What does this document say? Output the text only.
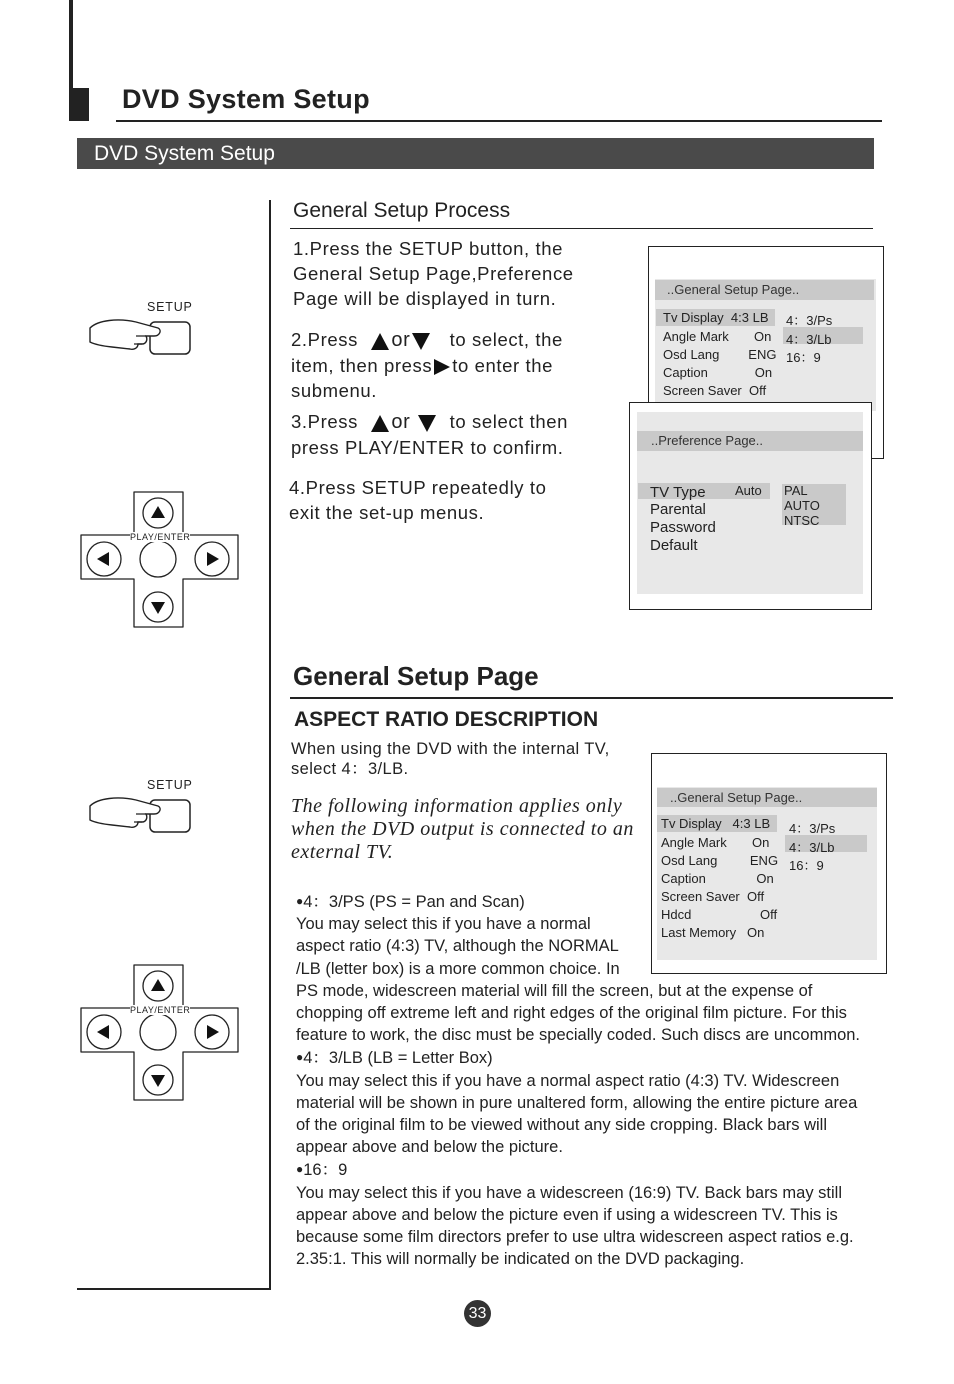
DVD System Setup
DVD System Setup
SETUP
PLAY/ENTER
SETUP
PLAY/ENTER
General Setup Process
1.Press the SETUP button, the
General Setup Page,Preference
Page will be displayed in turn.
2.Press or to select, the
item, then press to enter the
submenu.
3.Press or to select then
press PLAY/ENTER to confirm.
4.Press SETUP repeatedly to
exit the set-up menus.
..General Setup Page..
Tv Display 4:3 LB
Angle Mark On
Osd Lang ENG
Caption	On
Screen Saver Off
4：3/Ps
4：3/Lb
16：9
..Preference Page..
TV Type
Parental
Password
Default
Auto PAL
AUTO
NTSC
General Setup Page
ASPECT RATIO DESCRIPTION
When using the DVD with the internal TV,
select 4：3/LB.
The following information applies only
when the DVD output is connected to an
external TV.
..General Setup Page..
Tv Display 4:3 LB
Angle Mark On
Osd Lang	ENG
Caption	On
Screen Saver Off
Hdcd	Off
Last Memory On
4：3/Ps
4：3/Lb
16：9
●4：3/PS (PS = Pan and Scan)
You may select this if you have a normal
aspect ratio (4:3) TV, although the NORMAL
/LB (letter box) is a more common choice. In
PS mode, widescreen material will fill the screen, but at the expense of
chopping off extreme left and right edges of the original film picture. For this
feature to work, the disc must be specially coded. Such discs are uncommon.
●4：3/LB (LB = Letter Box)
You may select this if you have a normal aspect ratio (4:3) TV. Widescreen
material will be shown in pure unaltered form, allowing the entire picture area
of the original film to be viewed without any side cropping. Black bars will
appear above and below the picture.
●16：9
You may select this if you have a widescreen (16:9) TV. Back bars may still
appear above and below the picture even if using a widescreen TV. This is
because some film directors prefer to use ultra widescreen aspect ratios e.g.
2.35:1. This will normally be indicated on the DVD packaging.
33
